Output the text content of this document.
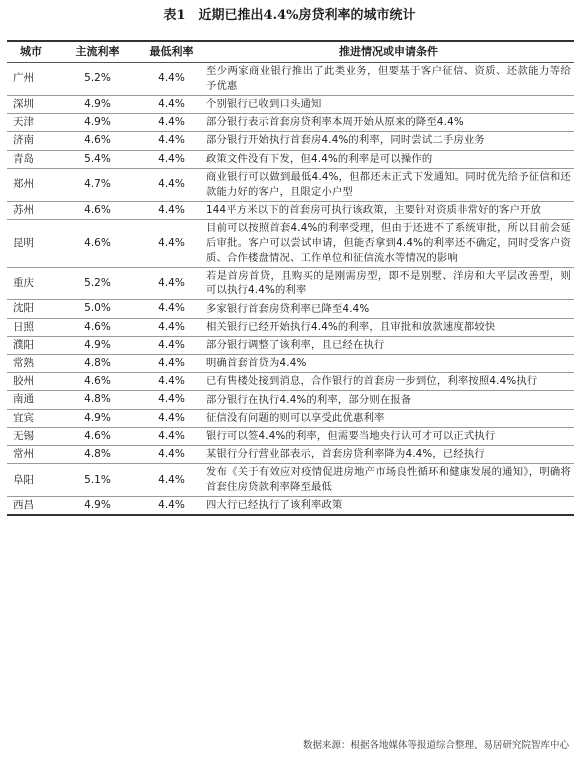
表1　近期已推出4.4%房贷利率的城市统计
城市	主流利率	最低利率	推进情况或申请条件
广州	5.2%	4.4%	至少两家商业银行推出了此类业务，但要基于客户征信、资质、还款能力等给予优惠
深圳	4.9%	4.4%	个别银行已收到口头通知
天津	4.9%	4.4%	部分银行表示首套房贷利率本周开始从原来的降至4.4%
济南	4.6%	4.4%	部分银行开始执行首套房4.4%的利率，同时尝试二手房业务
青岛	5.4%	4.4%	政策文件没有下发，但4.4%的利率是可以操作的
郑州	4.7%	4.4%	商业银行可以做到最低4.4%，但都还未正式下发通知。同时优先给予征信和还款能力好的客户，且限定小户型
苏州	4.6%	4.4%	144平方米以下的首套房可执行该政策，主要针对资质非常好的客户开放
昆明	4.6%	4.4%	目前可以按照首套4.4%的利率受理，但由于还进不了系统审批，所以目前会延后审批。客户可以尝试申请，但能否拿到4.4%的利率还不确定，同时受客户资质、合作楼盘情况、工作单位和征信流水等情况的影响
重庆	5.2%	4.4%	若是首房首贷，且购买的是刚需房型，即不是别墅、洋房和大平层改善型，则可以执行4.4%的利率
沈阳	5.0%	4.4%	多家银行首套房贷利率已降至4.4%
日照	4.6%	4.4%	相关银行已经开始执行4.4%的利率，且审批和放款速度都较快
濮阳	4.9%	4.4%	部分银行调整了该利率，且已经在执行
常熟	4.8%	4.4%	明确首套首贷为4.4%
胶州	4.6%	4.4%	已有售楼处接到消息，合作银行的首套房一步到位，利率按照4.4%执行
南通	4.8%	4.4%	部分银行在执行4.4%的利率，部分则在报备
宜宾	4.9%	4.4%	征信没有问题的则可以享受此优惠利率
无锡	4.6%	4.4%	银行可以签4.4%的利率，但需要当地央行认可才可以正式执行
常州	4.8%	4.4%	某银行分行营业部表示，首套房贷利率降为4.4%，已经执行
阜阳	5.1%	4.4%	发布《关于有效应对疫情促进房地产市场良性循环和健康发展的通知》，明确将首套住房贷款利率降至最低
西昌	4.9%	4.4%	四大行已经执行了该利率政策
数据来源：根据各地媒体等报道综合整理、易居研究院智库中心
